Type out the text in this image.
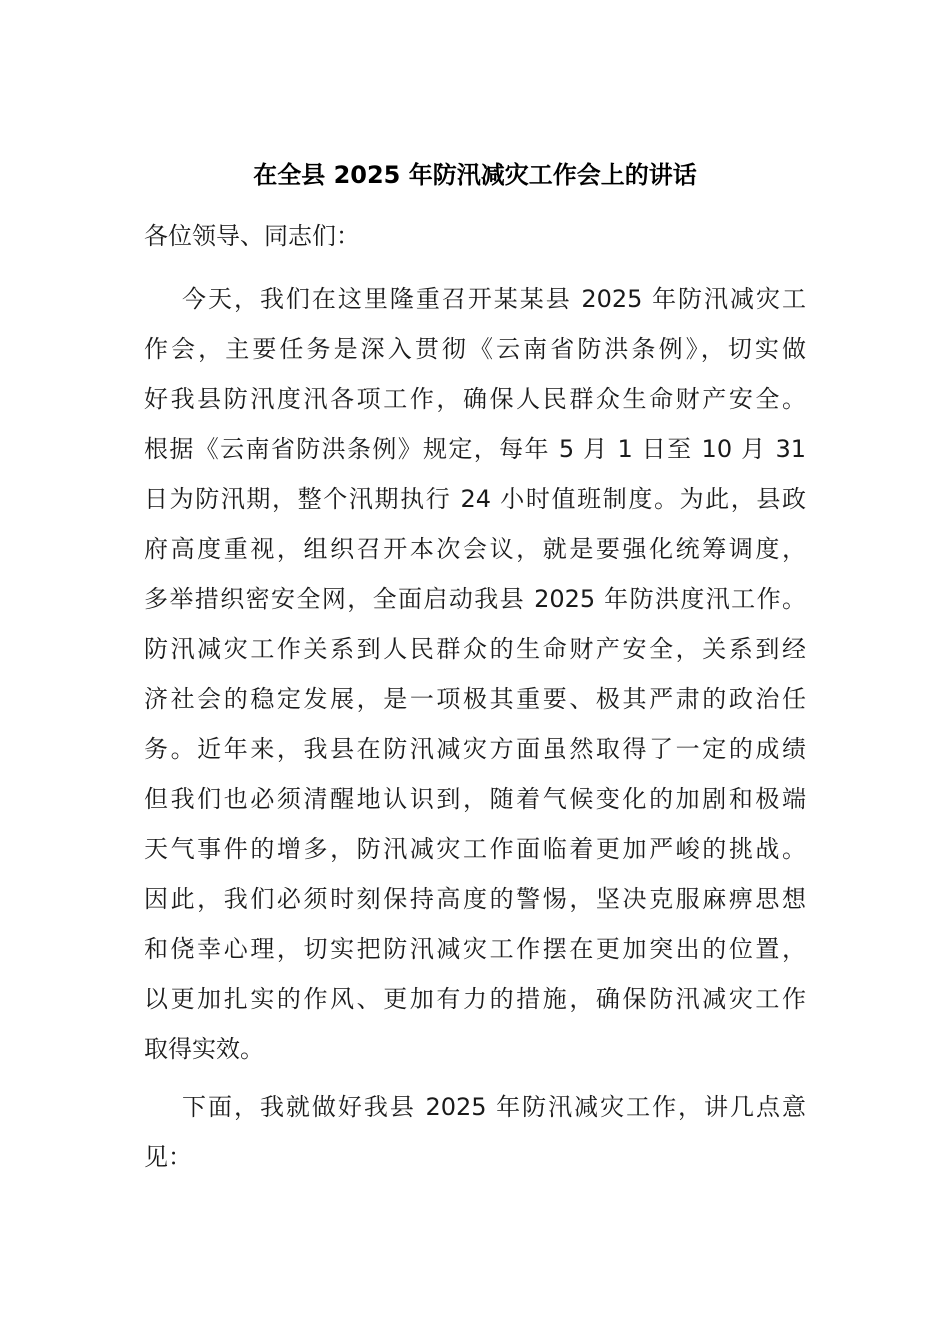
在全县 2025 年防汛减灾工作会上的讲话

各位领导、同志们：

今天，我们在这里隆重召开某某县 2025 年防汛减灾工
作会，主要任务是深入贯彻《云南省防洪条例》，切实做
好我县防汛度汛各项工作，确保人民群众生命财产安全。
根据《云南省防洪条例》规定，每年 5 月 1 日至 10 月 31
日为防汛期，整个汛期执行 24 小时值班制度。为此，县政
府高度重视，组织召开本次会议，就是要强化统筹调度，
多举措织密安全网，全面启动我县 2025 年防洪度汛工作。
防汛减灾工作关系到人民群众的生命财产安全，关系到经
济社会的稳定发展，是一项极其重要、极其严肃的政治任
务。近年来，我县在防汛减灾方面虽然取得了一定的成绩
但我们也必须清醒地认识到，随着气候变化的加剧和极端
天气事件的增多，防汛减灾工作面临着更加严峻的挑战。
因此，我们必须时刻保持高度的警惕，坚决克服麻痹思想
和侥幸心理，切实把防汛减灾工作摆在更加突出的位置，
以更加扎实的作风、更加有力的措施，确保防汛减灾工作
取得实效。
下面，我就做好我县 2025 年防汛减灾工作，讲几点意
见：
